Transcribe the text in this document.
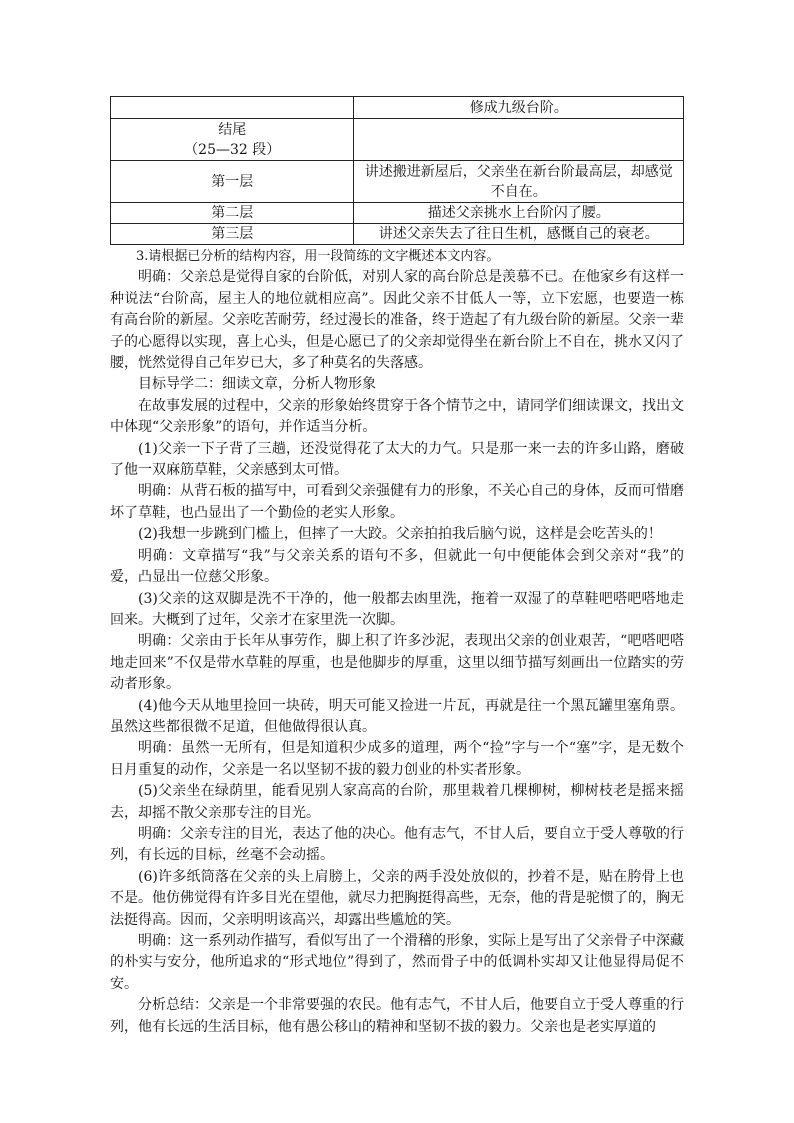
	修成九级台阶。
结尾
（25—32 段）	
第一层	讲述搬进新屋后，父亲坐在新台阶最高层，却感觉不自在。
第二层	描述父亲挑水上台阶闪了腰。
第三层	讲述父亲失去了往日生机，感慨自己的衰老。

3.请根据已分析的结构内容，用一段简练的文字概述本文内容。

明确：父亲总是觉得自家的台阶低，对别人家的高台阶总是羡慕不已。在他家乡有这样一种说法“台阶高，屋主人的地位就相应高”。因此父亲不甘低人一等，立下宏愿，也要造一栋有高台阶的新屋。父亲吃苦耐劳，经过漫长的准备，终于造起了有九级台阶的新屋。父亲一辈子的心愿得以实现，喜上心头，但是心愿已了的父亲却觉得坐在新台阶上不自在，挑水又闪了腰，恍然觉得自己年岁已大，多了种莫名的失落感。

目标导学二：细读文章，分析人物形象

在故事发展的过程中，父亲的形象始终贯穿于各个情节之中，请同学们细读课文，找出文中体现“父亲形象”的语句，并作适当分析。

(1)父亲一下子背了三趟，还没觉得花了太大的力气。只是那一来一去的许多山路，磨破了他一双麻筋草鞋，父亲感到太可惜。

明确：从背石板的描写中，可看到父亲强健有力的形象，不关心自己的身体，反而可惜磨坏了草鞋，也凸显出了一个勤俭的老实人形象。

(2)我想一步跳到门槛上，但摔了一大跤。父亲拍拍我后脑勺说，这样是会吃苦头的！

明确：文章描写“我”与父亲关系的语句不多，但就此一句中便能体会到父亲对“我”的爱，凸显出一位慈父形象。

(3)父亲的这双脚是洗不干净的，他一般都去凼里洗，拖着一双湿了的草鞋吧嗒吧嗒地走回来。大概到了过年，父亲才在家里洗一次脚。

明确：父亲由于长年从事劳作，脚上积了许多沙泥，表现出父亲的创业艰苦，“吧嗒吧嗒地走回来”不仅是带水草鞋的厚重，也是他脚步的厚重，这里以细节描写刻画出一位踏实的劳动者形象。

(4)他今天从地里捡回一块砖，明天可能又捡进一片瓦，再就是往一个黑瓦罐里塞角票。虽然这些都很微不足道，但他做得很认真。

明确：虽然一无所有，但是知道积少成多的道理，两个“捡”字与一个“塞”字，是无数个日月重复的动作，父亲是一名以坚韧不拔的毅力创业的朴实者形象。

(5)父亲坐在绿荫里，能看见别人家高高的台阶，那里栽着几棵柳树，柳树枝老是摇来摇去，却摇不散父亲那专注的目光。

明确：父亲专注的目光，表达了他的决心。他有志气，不甘人后，要自立于受人尊敬的行列，有长远的目标，丝毫不会动摇。

(6)许多纸筒落在父亲的头上肩膀上，父亲的两手没处放似的，抄着不是，贴在胯骨上也不是。他仿佛觉得有许多目光在望他，就尽力把胸挺得高些，无奈，他的背是驼惯了的，胸无法挺得高。因而，父亲明明该高兴，却露出些尴尬的笑。

明确：这一系列动作描写，看似写出了一个滑稽的形象，实际上是写出了父亲骨子中深藏的朴实与安分，他所追求的“形式地位”得到了，然而骨子中的低调朴实却又让他显得局促不安。

分析总结：父亲是一个非常要强的农民。他有志气，不甘人后，他要自立于受人尊重的行列，他有长远的生活目标，他有愚公移山的精神和坚韧不拔的毅力。父亲也是老实厚道的
